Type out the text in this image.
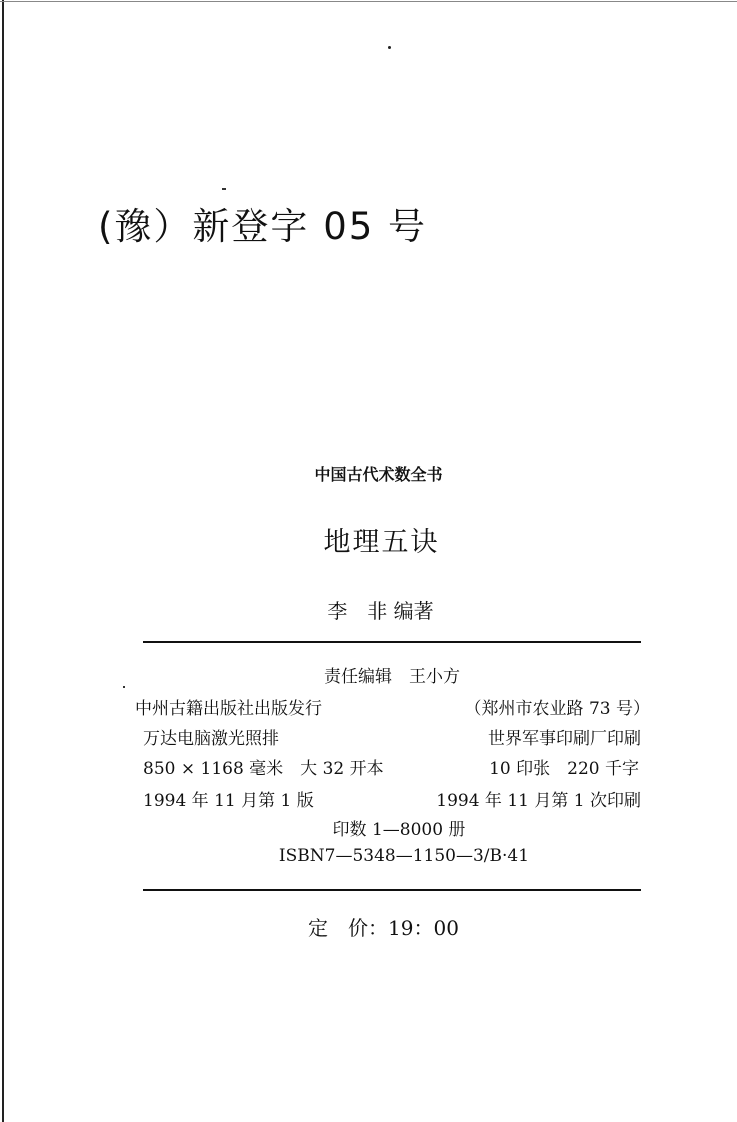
(豫）新登字 05 号
中国古代术数全书
地理五诀
李　非 编著
责任编辑　王小方
中州古籍出版社出版发行	（郑州市农业路 73 号）
万达电脑激光照排	世界军事印刷厂印刷
850 × 1168 毫米　大 32 开本	10 印张　220 千字
1994 年 11 月第 1 版	1994 年 11 月第 1 次印刷
印数 1—8000 册
ISBN7—5348—1150—3/B·41
定　价：19：00
